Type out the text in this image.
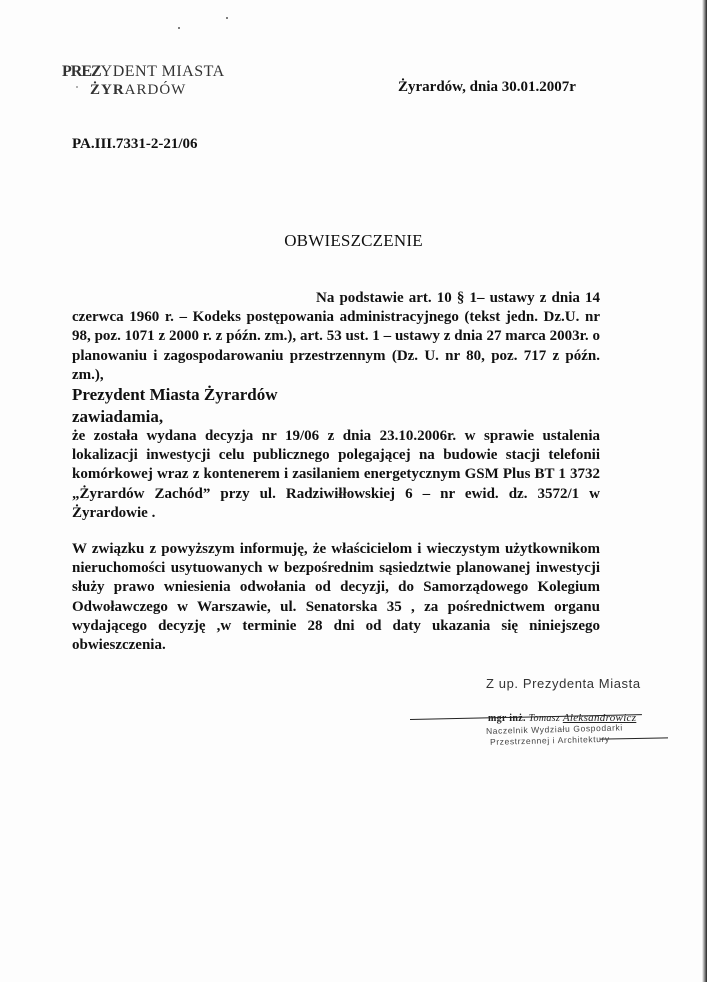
PREZYDENT MIASTA
ŻYRARDÓW	Żyrardów, dnia 30.01.2007r
PA.III.7331-2-21/06
OBWIESZCZENIE
Na podstawie art. 10 § 1– ustawy z dnia 14 czerwca 1960 r. – Kodeks postępowania administracyjnego (tekst jedn. Dz.U. nr 98, poz. 1071 z 2000 r. z późn. zm.), art. 53 ust. 1 – ustawy z dnia 27 marca 2003r. o planowaniu i zagospodarowaniu przestrzennym (Dz. U. nr 80, poz. 717 z późn. zm.),
Prezydent Miasta Żyrardów
zawiadamia,
że została wydana decyzja nr 19/06 z dnia 23.10.2006r. w sprawie ustalenia lokalizacji inwestycji celu publicznego polegającej na budowie stacji telefonii komórkowej wraz z kontenerem i zasilaniem energetycznym GSM Plus BT 1 3732 „Żyrardów Zachód” przy ul. Radziwiłłowskiej 6 – nr ewid. dz. 3572/1 w Żyrardowie .
W związku z powyższym informuję, że właścicielom i wieczystym użytkownikom nieruchomości usytuowanych w bezpośrednim sąsiedztwie planowanej inwestycji służy prawo wniesienia odwołania od decyzji, do Samorządowego Kolegium Odwoławczego w Warszawie, ul. Senatorska 35 , za pośrednictwem organu wydającego decyzję ,w terminie 28 dni od daty ukazania się niniejszego obwieszczenia.
Z up. Prezydenta Miasta
mgr inż. Tomasz Aleksandrowicz
Naczelnik Wydziału Gospodarki
Przestrzennej i Architektury
